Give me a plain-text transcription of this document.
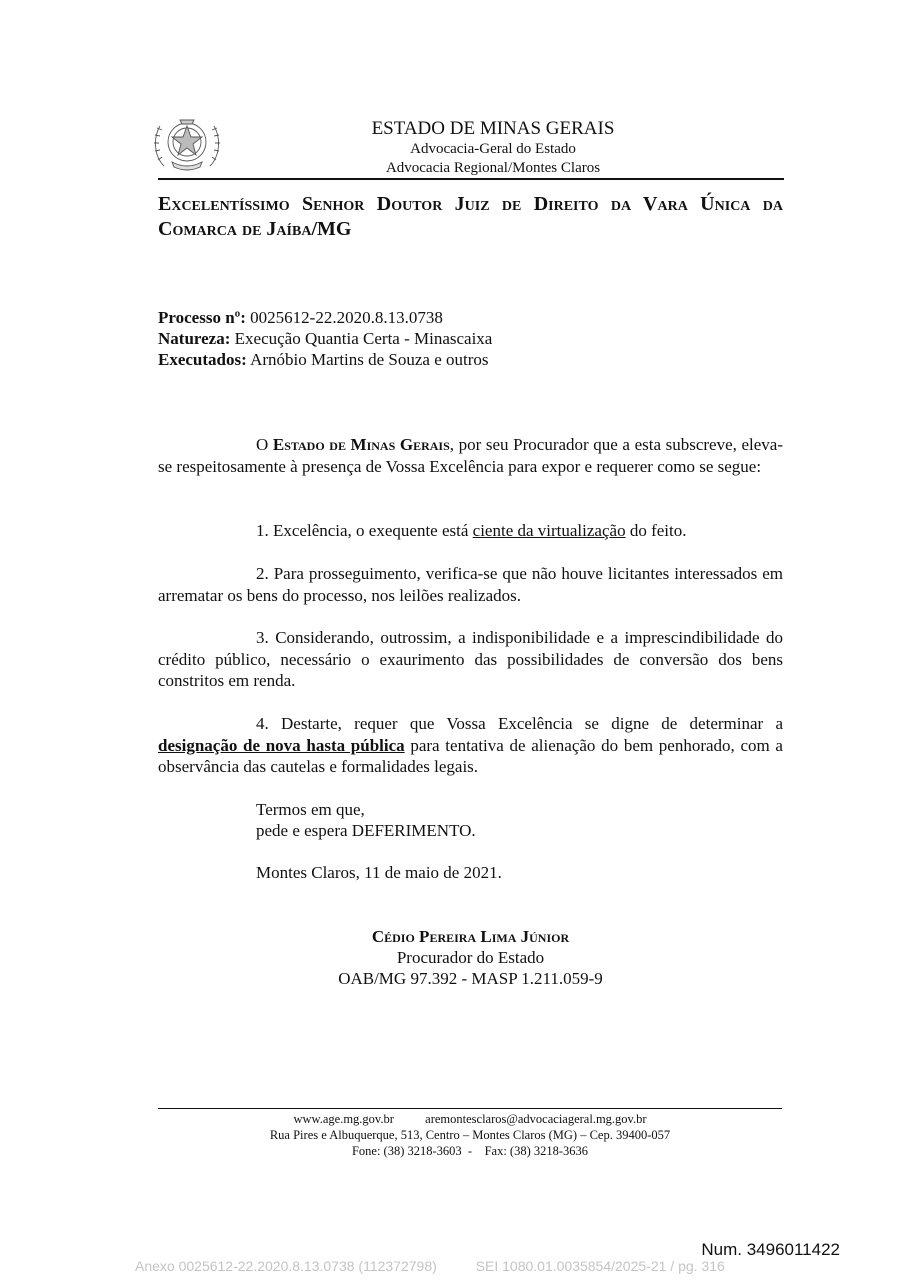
ESTADO DE MINAS GERAIS
Advocacia-Geral do Estado
Advocacia Regional/Montes Claros
Excelentíssimo Senhor Doutor Juiz de Direito da Vara Única da Comarca de Jaíba/MG
Processo nº: 0025612-22.2020.8.13.0738
Natureza: Execução Quantia Certa - Minascaixa
Executados: Arnóbio Martins de Souza e outros
O Estado de Minas Gerais, por seu Procurador que a esta subscreve, eleva-se respeitosamente à presença de Vossa Excelência para expor e requerer como se segue:
1. Excelência, o exequente está ciente da virtualização do feito.
2. Para prosseguimento, verifica-se que não houve licitantes interessados em arrematar os bens do processo, nos leilões realizados.
3. Considerando, outrossim, a indisponibilidade e a imprescindibilidade do crédito público, necessário o exaurimento das possibilidades de conversão dos bens constritos em renda.
4. Destarte, requer que Vossa Excelência se digne de determinar a designação de nova hasta pública para tentativa de alienação do bem penhorado, com a observância das cautelas e formalidades legais.
Termos em que,
pede e espera DEFERIMENTO.
Montes Claros, 11 de maio de 2021.
Cédio Pereira Lima Júnior
Procurador do Estado
OAB/MG 97.392 - MASP 1.211.059-9
www.age.mg.gov.br          aremontesclaros@advocaciageral.mg.gov.br
Rua Pires e Albuquerque, 513, Centro – Montes Claros (MG) – Cep. 39400-057
Fone: (38) 3218-3603  -    Fax: (38) 3218-3636
Num. 3496011422
Anexo 0025612-22.2020.8.13.0738 (112372798)          SEI 1080.01.0035854/2025-21 / pg. 316
